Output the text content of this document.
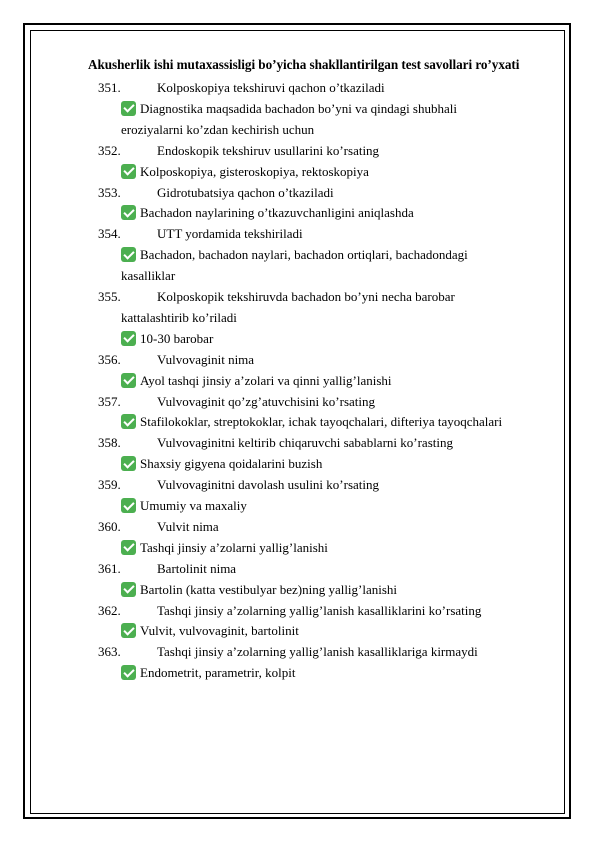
Akusherlik ishi mutaxassisligi bo’yicha shakllantirilgan test savollari ro’yxati
351.	Kolposkopiya tekshiruvi qachon o’tkaziladi
Diagnostika maqsadida bachadon bo’yni va qindagi shubhali
eroziyalarni ko’zdan kechirish uchun
352.	Endoskopik tekshiruv usullarini ko’rsating
Kolposkopiya, gisteroskopiya, rektoskopiya
353.	Gidrotubatsiya qachon o’tkaziladi
Bachadon naylarining o’tkazuvchanligini aniqlashda
354.	UTT yordamida tekshiriladi
Bachadon, bachadon naylari, bachadon ortiqlari, bachadondagi
kasalliklar
355.	Kolposkopik tekshiruvda bachadon bo’yni necha barobar
kattalashtirib ko’riladi
10-30 barobar
356.	Vulvovaginit nima
Ayol tashqi jinsiy a’zolari va qinni yallig’lanishi
357.	Vulvovaginit qo’zg’atuvchisini ko’rsating
Stafilokoklar, streptokoklar, ichak tayoqchalari, difteriya tayoqchalari
358.	Vulvovaginitni keltirib chiqaruvchi sabablarni ko’rasting
Shaxsiy gigyena qoidalarini buzish
359.	Vulvovaginitni davolash usulini ko’rsating
Umumiy va maxaliy
360.	Vulvit nima
Tashqi jinsiy a’zolarni yallig’lanishi
361.	Bartolinit nima
Bartolin (katta vestibulyar bez)ning yallig’lanishi
362.	Tashqi jinsiy a’zolarning yallig’lanish kasalliklarini ko’rsating
Vulvit, vulvovaginit, bartolinit
363.	Tashqi jinsiy a’zolarning yallig’lanish kasalliklariga kirmaydi
Endometrit, parametrir, kolpit
